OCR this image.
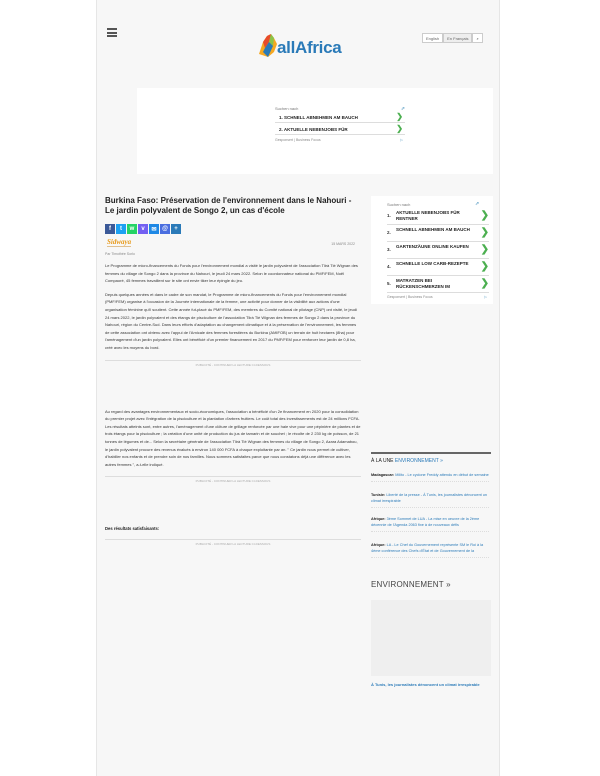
allAfrica	English	En Français	⌕
Suchen nach	⇗
1. SCHNELL ABNEHMEN AM BAUCH	❯
2. AKTUELLE NEBENJOBS FÜR	❯
Gesponsert | Business Focus	▷
Burkina Faso: Préservation de l'environnement dans le Nahouri - Le jardin polyvalent de Songo 2, un cas d'école
f	t	w	v	✉ @	+
Sidwaya	15 MARS 2022
Par Timothée Sorlo

Le Programme de micro-financements du Fonds pour l'environnement mondial a visité le jardin polyvalent de l'association Tlirà Tiè Wignan des femmes du village de Songo 2 dans la province du Nahouri, le jeudi 24 mars 2022. Selon le coordonnateur national du PMF/FEM, Noël Compaoré, 45 femmes travaillent sur le site ont envie tiker leur épingle du jeu.

Depuis quelques années et dans le cadre de son mandat, le Programme de micro-financements du Fonds pour l'environnement mondial (PMF/FEM) organise à l'occasion de la Journée internationale de la femme, une activité pour donner de la visibilité aux actions d'une organisation féminine qu'il soutient. Cette année fut-placé du PMF/FEM, des membres du Comité national de pilotage (CNP) ont visité, le jeudi 24 mars 2022, le jardin polyvalent et des étangs de pisciculture de l'association Tlirà Tiè Wignan des femmes de Songo 2 dans la province du Nahouri, région du Centre-Sud. Dans leurs efforts d'adaptation au changement climatique et à la préservation de l'environnement, les femmes de cette association ont obtenu avec l'appui de l'Amicale des femmes forestières du Burkina (AMIFOB) un terrain de huit hectares (8ha) pour l'aménagement d'un jardin polyvalent. Elles ont bénéficié d'un premier financement en 2017 du PMF/FEM pour renforcer leur jardin de 0,8 ha, créé avec les moyens du bord.

PUBLICITÉ - CONTINUER LA LECTURE CI-DESSOUS

Au regard des avantages environnementaux et socio-économiques, l'association a bénéficié d'un 2e financement en 2020 pour la consolidation du premier projet avec l'intégration de la pisciculture et la plantation d'arbres fruitiers. Le coût total des investissements est de 24 millions FCFA. Les résultats atteints sont, entre autres, l'aménagement d'une clôture de grillage renforcée par une haie vive pour une pépinière de plantes et de trois étangs pour la pisciculture ; la création d'une unité de production du jus de tamarin et de souchet ; le récolte de 2 230 kg de poisson, de 21 tonnes de légumes et de... Selon la secrétaire générale de l'association Tlirà Tiè Wignan des femmes du village de Songo 2, Azara Adamabou, le jardin polyvalent procure des revenus évalués à environ 140 000 FCFA à chaque exploitante par an. " Ce jardin nous permet de cultiver, d'habiller nos enfants et de prendre soin de nos familles. Nous sommes satisfaites parce que nous constatons déjà une différence avec les autres femmes ", a-t-elle indiqué.

PUBLICITÉ - CONTINUER LA LECTURE CI-DESSOUS
Des résultats satisfaisants:
PUBLICITÉ - CONTINUER LA LECTURE CI-DESSOUS
Suchen nach	⇗
1.
AKTUELLE NEBENJOBS FÜR RENTNER	❯
2.
SCHNELL ABNEHMEN AM BAUCH	❯
3.
GARTENZÄUNE ONLINE KAUFEN	❯
4.
SCHNELLE LOW CARB-REZEPTE	❯
5.
MATRATZEN BEI RÜCKENSCHMERZEN IM	❯
Gesponsert | Business Focus	▷
À LA UNE ENVIRONNEMENT »
Madagascar: Milito - Le cyclone Freddy attendu en début de semaine
Tunisie: Liberté de la presse - À Tunis, les journalistes dénoncent un climat irrespirable
Afrique: 3ème Sommet de LUA - La mise en oeuvre de la 2ème décennie de l'Agenda 2063 fixe à de nouveaux défis
Afrique: LA - Le Chef du Gouvernement représente SM le Roi à la 4ème conférence des Chefs d'État et de Gouvernement de la
ENVIRONNEMENT »
À Tunis, les journalistes dénoncent un climat irrespirable
